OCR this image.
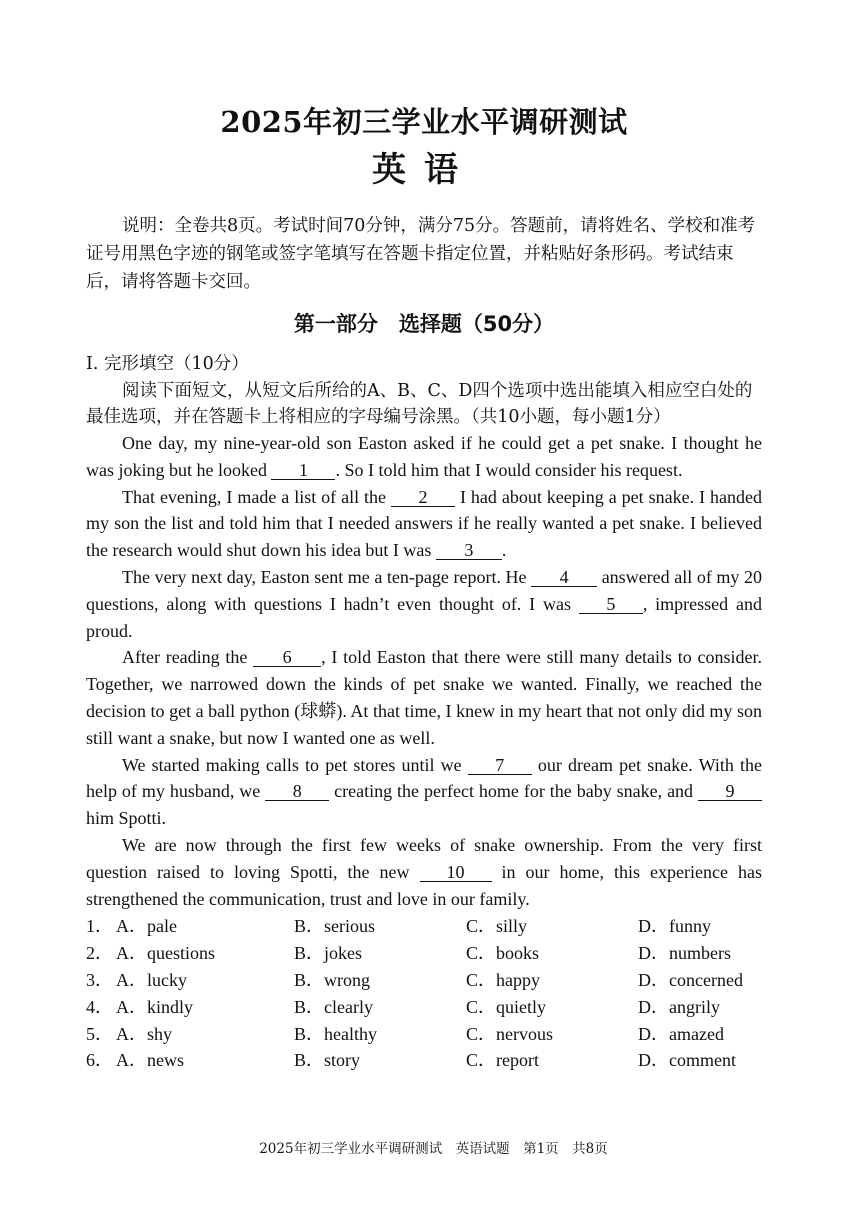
2025年初三学业水平调研测试
英语

说明：全卷共8页。考试时间70分钟，满分75分。答题前，请将姓名、学校和准考证号用黑色字迹的钢笔或签字笔填写在答题卡指定位置，并粘贴好条形码。考试结束后，请将答题卡交回。

第一部分　选择题（50分）
I. 完形填空（10分）

阅读下面短文，从短文后所给的A、B、C、D四个选项中选出能填入相应空白处的最佳选项，并在答题卡上将相应的字母编号涂黑。（共10小题，每小题1分）

One day, my nine-year-old son Easton asked if he could get a pet snake. I thought he was joking but he looked 1 . So I told him that I would consider his request.

That evening, I made a list of all the 2 I had about keeping a pet snake. I handed my son the list and told him that I needed answers if he really wanted a pet snake. I believed the research would shut down his idea but I was 3 .

The very next day, Easton sent me a ten-page report. He 4 answered all of my 20 questions, along with questions I hadn’t even thought of. I was 5 , impressed and proud.

After reading the 6 , I told Easton that there were still many details to consider. Together, we narrowed down the kinds of pet snake we wanted. Finally, we reached the decision to get a ball python (球蟒). At that time, I knew in my heart that not only did my son still want a snake, but now I wanted one as well.

We started making calls to pet stores until we 7 our dream pet snake. With the help of my husband, we 8 creating the perfect home for the baby snake, and 9 him Spotti.

We are now through the first few weeks of snake ownership. From the very first question raised to loving Spotti, the new 10 in our home, this experience has strengthened the communication, trust and love in our family.

1． A．pale	B．serious	C．silly	D．funny
2． A．questions	B．jokes	C．books	D．numbers
3． A．lucky	B．wrong	C．happy	D．concerned
4． A．kindly	B．clearly	C．quietly	D．angrily
5． A．shy	B．healthy	C．nervous	D．amazed
6． A．news	B．story	C．report	D．comment
2025年初三学业水平调研测试　英语试题　第1页　共8页
